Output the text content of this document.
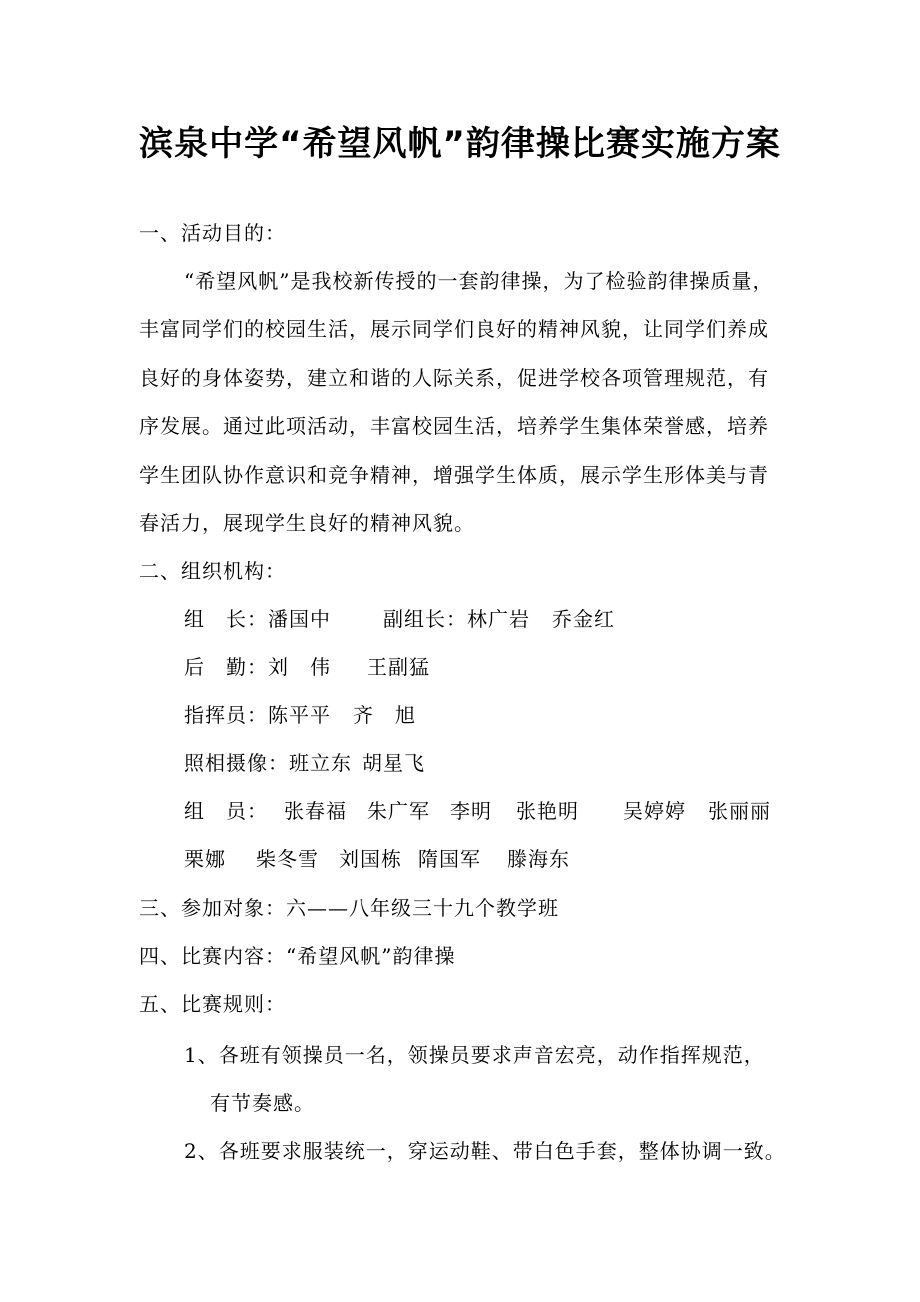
滨泉中学“希望风帆”韵律操比赛实施方案
一、活动目的：
“希望风帆”是我校新传授的一套韵律操，为了检验韵律操质量，
丰富同学们的校园生活，展示同学们良好的精神风貌，让同学们养成
良好的身体姿势，建立和谐的人际关系，促进学校各项管理规范，有
序发展。通过此项活动，丰富校园生活，培养学生集体荣誉感，培养
学生团队协作意识和竞争精神，增强学生体质，展示学生形体美与青
春活力，展现学生良好的精神风貌。
二、组织机构：
组　长：潘国中	副组长：林广岩 乔金红
后　勤：刘　伟 王副猛
指挥员：陈平平 齐　旭
照相摄像：班立东 胡星飞
组　员： 张春福 朱广军 李明 张艳明 吴婷婷 张丽丽
栗娜 柴冬雪 刘国栋 隋国军 滕海东
三、参加对象：六——八年级三十九个教学班
四、比赛内容：“希望风帆”韵律操
五、比赛规则：
1、各班有领操员一名，领操员要求声音宏亮，动作指挥规范，
有节奏感。
2、各班要求服装统一，穿运动鞋、带白色手套，整体协调一致。
